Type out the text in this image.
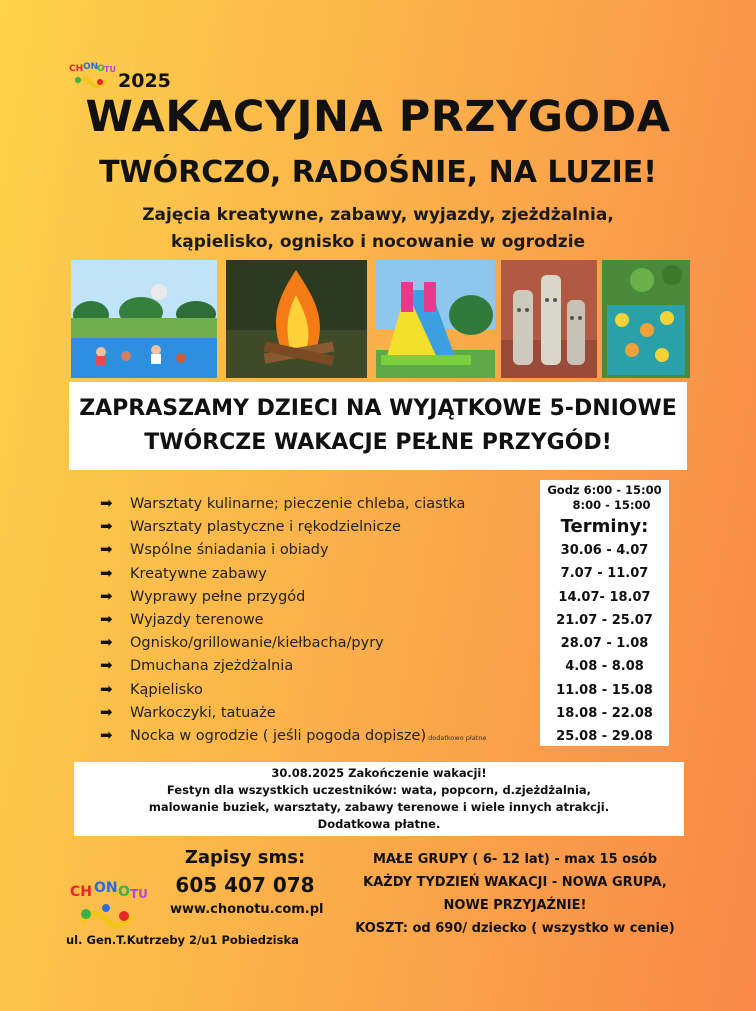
CH ON
O TU
2025
WAKACYJNA PRZYGODA
TWÓRCZO, RADOŚNIE, NA LUZIE!
Zajęcia kreatywne, zabawy, wyjazdy, zjeżdżalnia,
kąpielisko, ognisko i nocowanie w ogrodzie
ZAPRASZAMY DZIECI NA WYJĄTKOWE 5-DNIOWE
TWÓRCZE WAKACJE PEŁNE PRZYGÓD!
➡ Warsztaty kulinarne; pieczenie chleba, ciastka
➡ Warsztaty plastyczne i rękodzielnicze
➡ Wspólne śniadania i obiady
➡ Kreatywne zabawy
➡ Wyprawy pełne przygód
➡ Wyjazdy terenowe
➡ Ognisko/grillowanie/kiełbacha/pyry
➡ Dmuchana zjeżdżalnia
➡ Kąpielisko
➡ Warkoczyki, tatuaże
➡ Nocka w ogrodzie ( jeśli pogoda dopisze) dodatkowo płatne
Godz 6:00 - 15:00
8:00 - 15:00
Terminy:
30.06 - 4.07
7.07 - 11.07
14.07- 18.07
21.07 - 25.07
28.07 - 1.08
4.08 - 8.08
11.08 - 15.08
18.08 - 22.08
25.08 - 29.08
30.08.2025 Zakończenie wakacji!
Festyn dla wszystkich uczestników: wata, popcorn, d.zjeżdżalnia,
malowanie buziek, warsztaty, zabawy terenowe i wiele innych atrakcji.
Dodatkowa płatne.
CH ON O TU
Zapisy sms:
605 407 078
www.chonotu.com.pl
ul. Gen.T.Kutrzeby 2/u1 Pobiedziska
MAŁE GRUPY ( 6- 12 lat) - max 15 osób
KAŻDY TYDZIEŃ WAKACJI - NOWA GRUPA,
NOWE PRZYJAŹNIE!
KOSZT: od 690/ dziecko ( wszystko w cenie)
